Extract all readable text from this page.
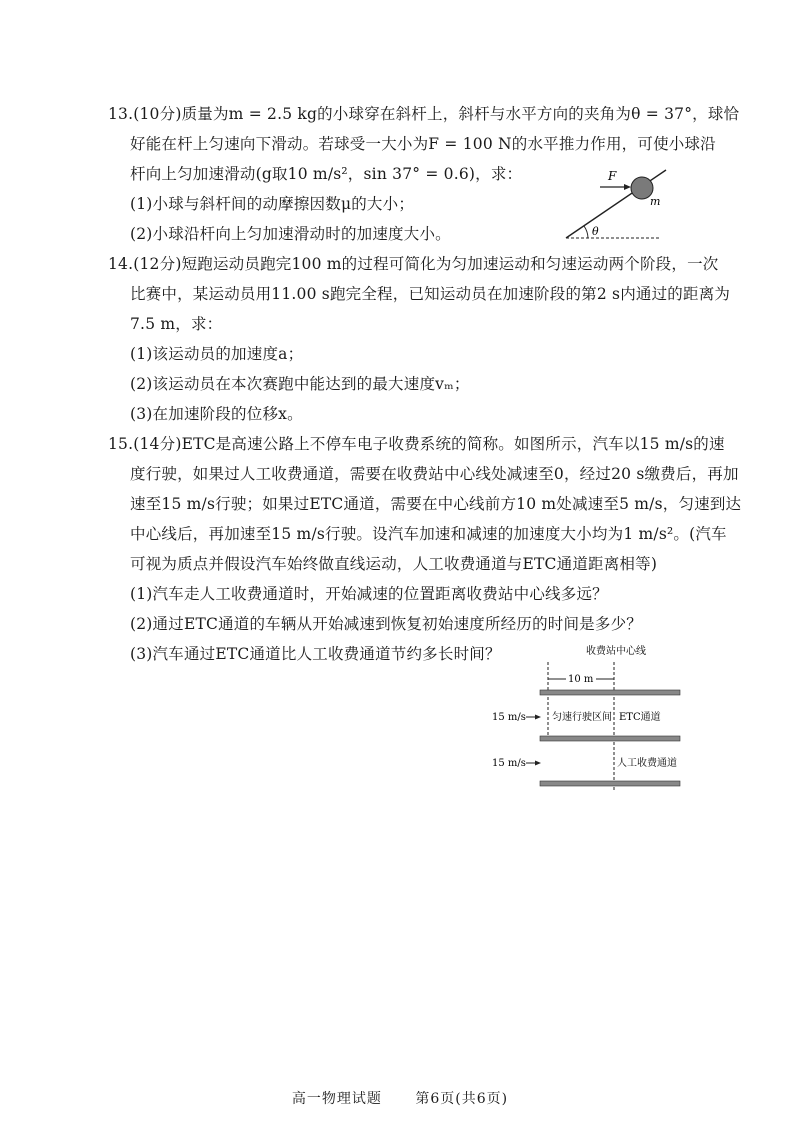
13.(10分)质量为m = 2.5 kg的小球穿在斜杆上，斜杆与水平方向的夹角为θ = 37°，球恰
好能在杆上匀速向下滑动。若球受一大小为F = 100 N的水平推力作用，可使小球沿
杆向上匀加速滑动(g取10 m/s²，sin 37° = 0.6)，求：
(1)小球与斜杆间的动摩擦因数μ的大小；
(2)小球沿杆向上匀加速滑动时的加速度大小。
F
m
θ
14.(12分)短跑运动员跑完100 m的过程可简化为匀加速运动和匀速运动两个阶段，一次
比赛中，某运动员用11.00 s跑完全程，已知运动员在加速阶段的第2 s内通过的距离为
7.5 m，求：
(1)该运动员的加速度a；
(2)该运动员在本次赛跑中能达到的最大速度vₘ；
(3)在加速阶段的位移x。
15.(14分)ETC是高速公路上不停车电子收费系统的简称。如图所示，汽车以15 m/s的速
度行驶，如果过人工收费通道，需要在收费站中心线处减速至0，经过20 s缴费后，再加
速至15 m/s行驶；如果过ETC通道，需要在中心线前方10 m处减速至5 m/s，匀速到达
中心线后，再加速至15 m/s行驶。设汽车加速和减速的加速度大小均为1 m/s²。(汽车
可视为质点并假设汽车始终做直线运动，人工收费通道与ETC通道距离相等)
(1)汽车走人工收费通道时，开始减速的位置距离收费站中心线多远？
(2)通过ETC通道的车辆从开始减速到恢复初始速度所经历的时间是多少？
(3)汽车通过ETC通道比人工收费通道节约多长时间？	收费站中心线
10 m
15 m/s	匀速行驶区间 ETC通道
15 m/s	人工收费通道
高一物理试题 第6页(共6页)
